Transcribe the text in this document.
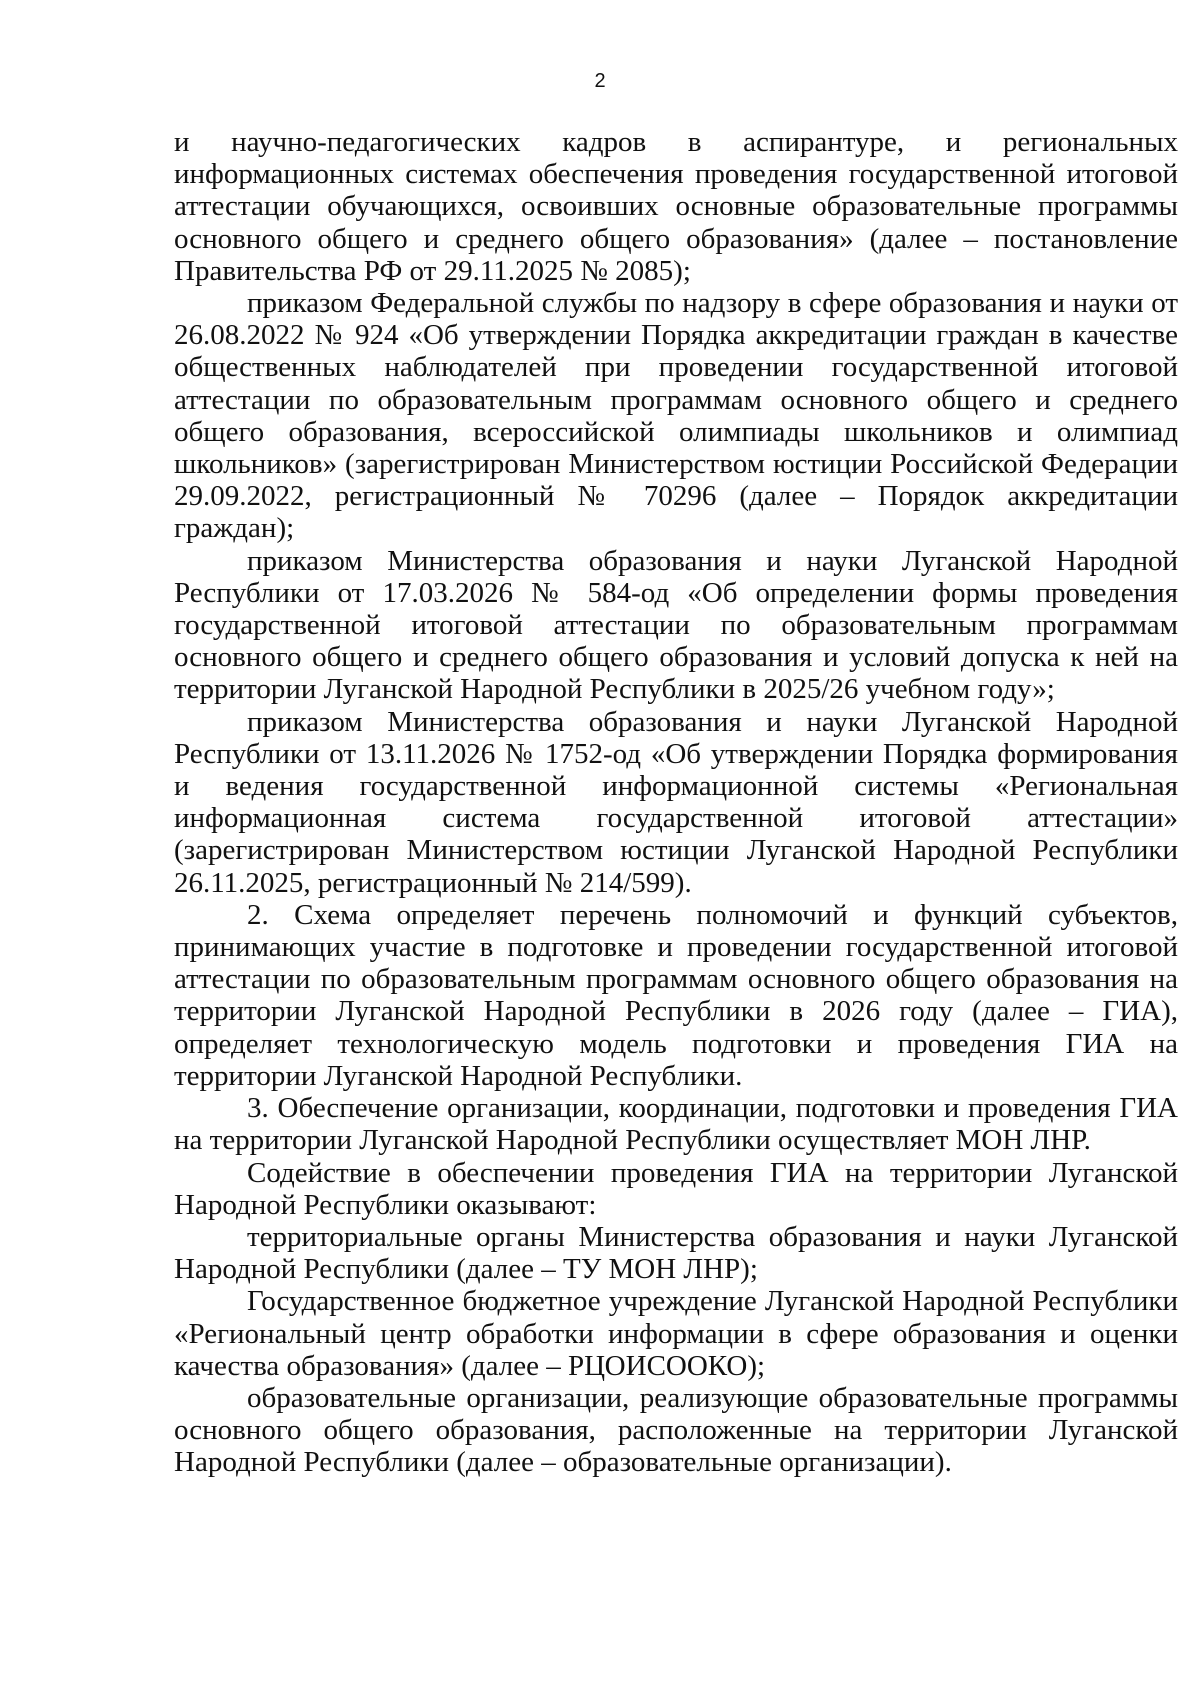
2

и научно-педагогических кадров в аспирантуре, и региональных информационных системах обеспечения проведения государственной итоговой аттестации обучающихся, освоивших основные образовательные программы основного общего и среднего общего образования» (далее – постановление Правительства РФ от 29.11.2025 № 2085);

приказом Федеральной службы по надзору в сфере образования и науки от 26.08.2022 № 924 «Об утверждении Порядка аккредитации граждан в качестве общественных наблюдателей при проведении государственной итоговой аттестации по образовательным программам основного общего и среднего общего образования, всероссийской олимпиады школьников и олимпиад школьников» (зарегистрирован Министерством юстиции Российской Федерации 29.09.2022, регистрационный № 70296 (далее – Порядок аккредитации граждан);

приказом Министерства образования и науки Луганской Народной Республики от 17.03.2026 № 584-од «Об определении формы проведения государственной итоговой аттестации по образовательным программам основного общего и среднего общего образования и условий допуска к ней на территории Луганской Народной Республики в 2025/26 учебном году»;

приказом Министерства образования и науки Луганской Народной Республики от 13.11.2026 № 1752-од «Об утверждении Порядка формирования и ведения государственной информационной системы «Региональная информационная система государственной итоговой аттестации» (зарегистрирован Министерством юстиции Луганской Народной Республики 26.11.2025, регистрационный № 214/599).

2. Схема определяет перечень полномочий и функций субъектов, принимающих участие в подготовке и проведении государственной итоговой аттестации по образовательным программам основного общего образования на территории Луганской Народной Республики в 2026 году (далее – ГИА), определяет технологическую модель подготовки и проведения ГИА на территории Луганской Народной Республики.

3. Обеспечение организации, координации, подготовки и проведения ГИА на территории Луганской Народной Республики осуществляет МОН ЛНР.

Содействие в обеспечении проведения ГИА на территории Луганской Народной Республики оказывают:

территориальные органы Министерства образования и науки Луганской Народной Республики (далее – ТУ МОН ЛНР);

Государственное бюджетное учреждение Луганской Народной Республики «Региональный центр обработки информации в сфере образования и оценки качества образования» (далее – РЦОИСООКО);

образовательные организации, реализующие образовательные программы основного общего образования, расположенные на территории Луганской Народной Республики (далее – образовательные организации).
